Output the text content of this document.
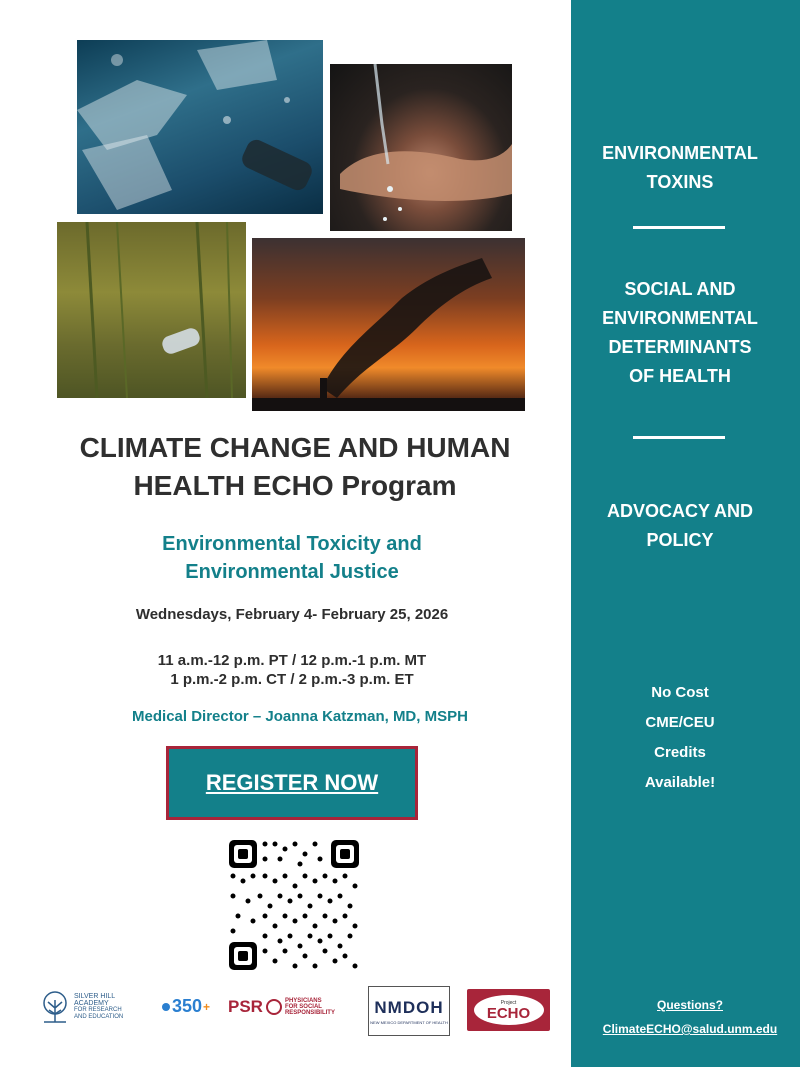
CLIMATE CHANGE AND HUMAN
HEALTH ECHO Program
Environmental Toxicity and
Environmental Justice
Wednesdays, February 4- February 25, 2026
11 a.m.-12 p.m. PT / 12 p.m.-1 p.m. MT
1 p.m.-2 p.m. CT / 2 p.m.-3 p.m. ET
Medical Director – Joanna Katzman, MD, MSPH
REGISTER NOW
SILVER HILL
ACADEMY
FOR RESEARCH
AND EDUCATION
350 + PSR	PHYSICIANS
FOR SOCIAL
RESPONSIBILITY NMDOH
NEW MEXICO DEPARTMENT OF HEALTH
Project
ECHO
ENVIRONMENTAL
TOXINS
SOCIAL AND
ENVIRONMENTAL
DETERMINANTS
OF HEALTH
ADVOCACY AND
POLICY
No Cost
CME/CEU
Credits
Available!
Questions?
ClimateECHO@salud.unm.edu
